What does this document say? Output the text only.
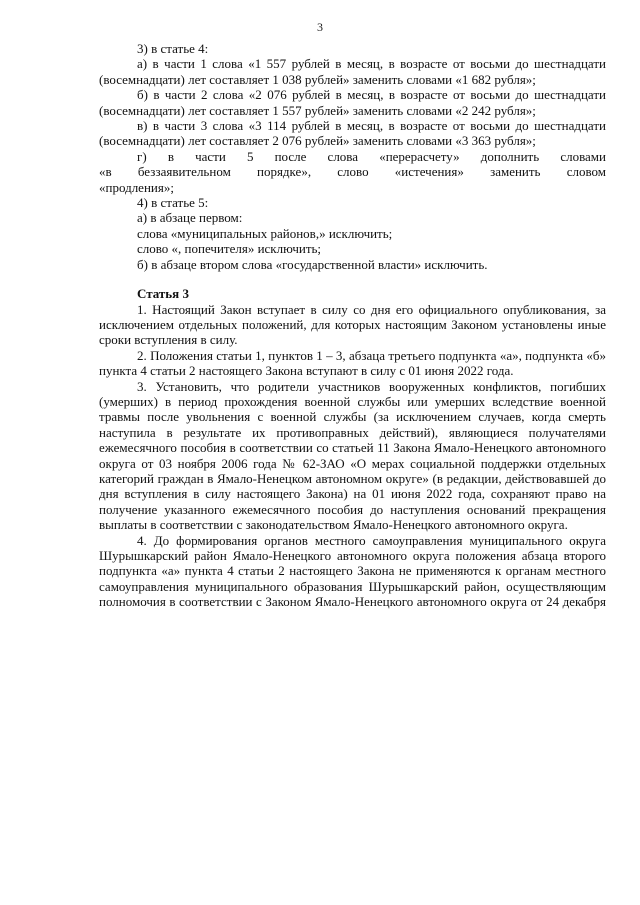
3

3) в статье 4:

а) в части 1 слова «1 557 рублей в месяц, в возрасте от восьми до шестнадцати (восемнадцати) лет составляет 1 038 рублей» заменить словами «1 682 рубля»;

б) в части 2 слова «2 076 рублей в месяц, в возрасте от восьми до шестнадцати (восемнадцати) лет составляет 1 557 рублей» заменить словами «2 242 рубля»;

в) в части 3 слова «3 114 рублей в месяц, в возрасте от восьми до шестнадцати (восемнадцати) лет составляет 2 076 рублей» заменить словами «3 363 рубля»;

г) в части 5 после слова «перерасчету» дополнить словами
«в беззаявительном порядке», слово «истечения» заменить словом

«продления»;

4) в статье 5:

а) в абзаце первом:

слова «муниципальных районов,» исключить;

слово «, попечителя» исключить;

б) в абзаце втором слова «государственной власти» исключить.

Статья 3

1. Настоящий Закон вступает в силу со дня его официального опубликования, за исключением отдельных положений, для которых настоящим Законом установлены иные сроки вступления в силу.

2. Положения статьи 1, пунктов 1 – 3, абзаца третьего подпункта «а», подпункта «б» пункта 4 статьи 2 настоящего Закона вступают в силу с 01 июня 2022 года.

3. Установить, что родители участников вооруженных конфликтов, погибших (умерших) в период прохождения военной службы или умерших вследствие военной травмы после увольнения с военной службы (за исключением случаев, когда смерть наступила в результате их противоправных действий), являющиеся получателями ежемесячного пособия в соответствии со статьей 11 Закона Ямало-Ненецкого автономного округа от 03 ноября 2006 года № 62-ЗАО «О мерах социальной поддержки отдельных категорий граждан в Ямало-Ненецком автономном округе» (в редакции, действовавшей до дня вступления в силу настоящего Закона) на 01 июня 2022 года, сохраняют право на получение указанного ежемесячного пособия до наступления оснований прекращения выплаты в соответствии с законодательством Ямало-Ненецкого автономного округа.

4. До формирования органов местного самоуправления муниципального округа Шурышкарский район Ямало-Ненецкого автономного округа положения абзаца второго подпункта «а» пункта 4 статьи 2 настоящего Закона не применяются к органам местного самоуправления муниципального образования Шурышкарский район, осуществляющим полномочия в соответствии с Законом Ямало-Ненецкого автономного округа от 24 декабря
